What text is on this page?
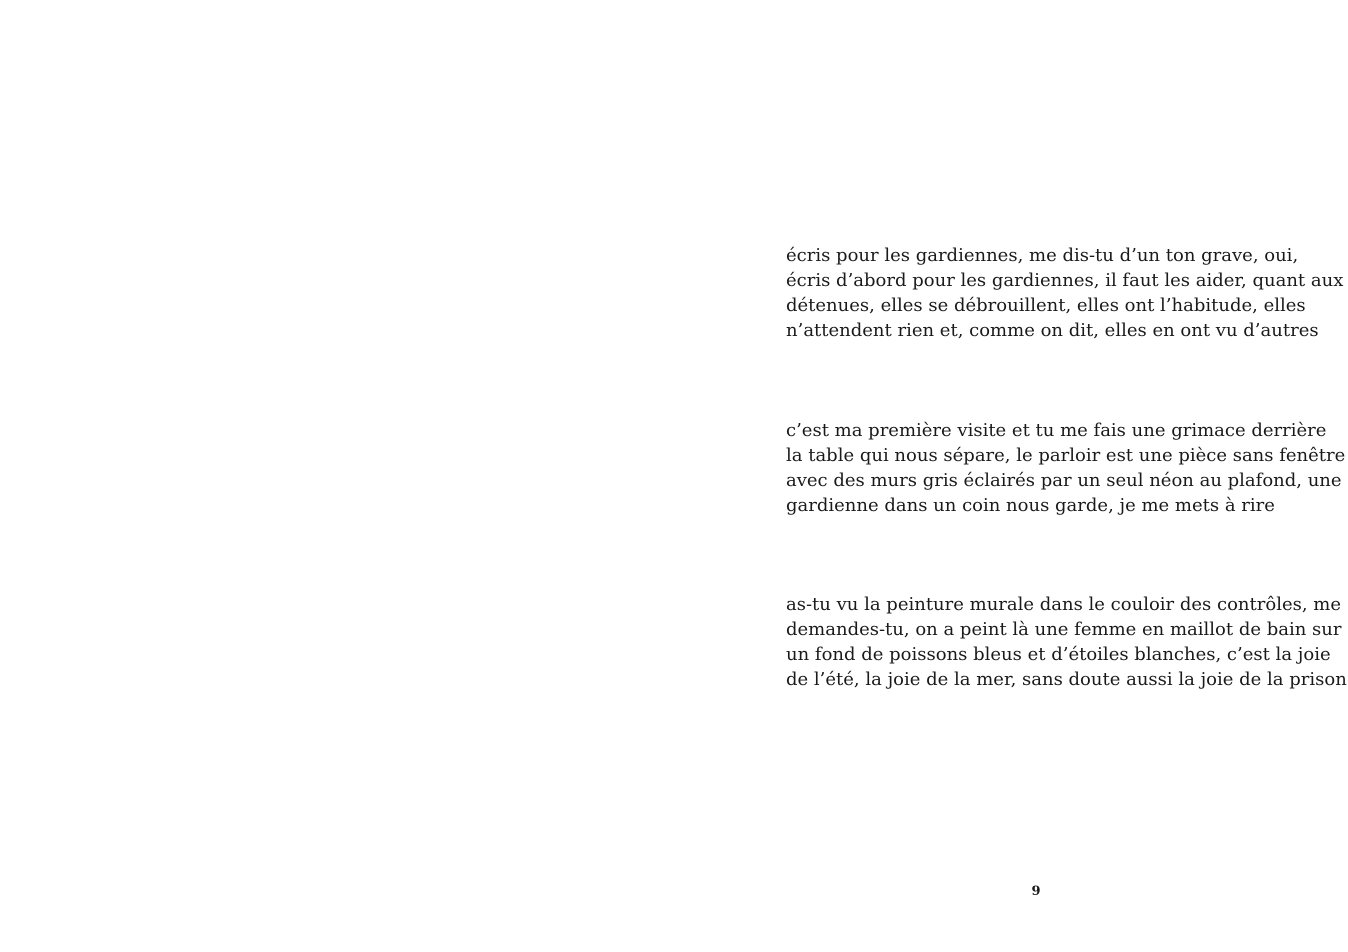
écris pour les gardiennes, me dis-tu d’un ton grave, oui,
écris d’abord pour les gardiennes, il faut les aider, quant aux
détenues, elles se débrouillent, elles ont l’habitude, elles
n’attendent rien et, comme on dit, elles en ont vu d’autres

c’est ma première visite et tu me fais une grimace derrière
la table qui nous sépare, le parloir est une pièce sans fenêtre
avec des murs gris éclairés par un seul néon au plafond, une
gardienne dans un coin nous garde, je me mets à rire

as-tu vu la peinture murale dans le couloir des contrôles, me
demandes-tu, on a peint là une femme en maillot de bain sur
un fond de poissons bleus et d’étoiles blanches, c’est la joie
de l’été, la joie de la mer, sans doute aussi la joie de la prison

9
